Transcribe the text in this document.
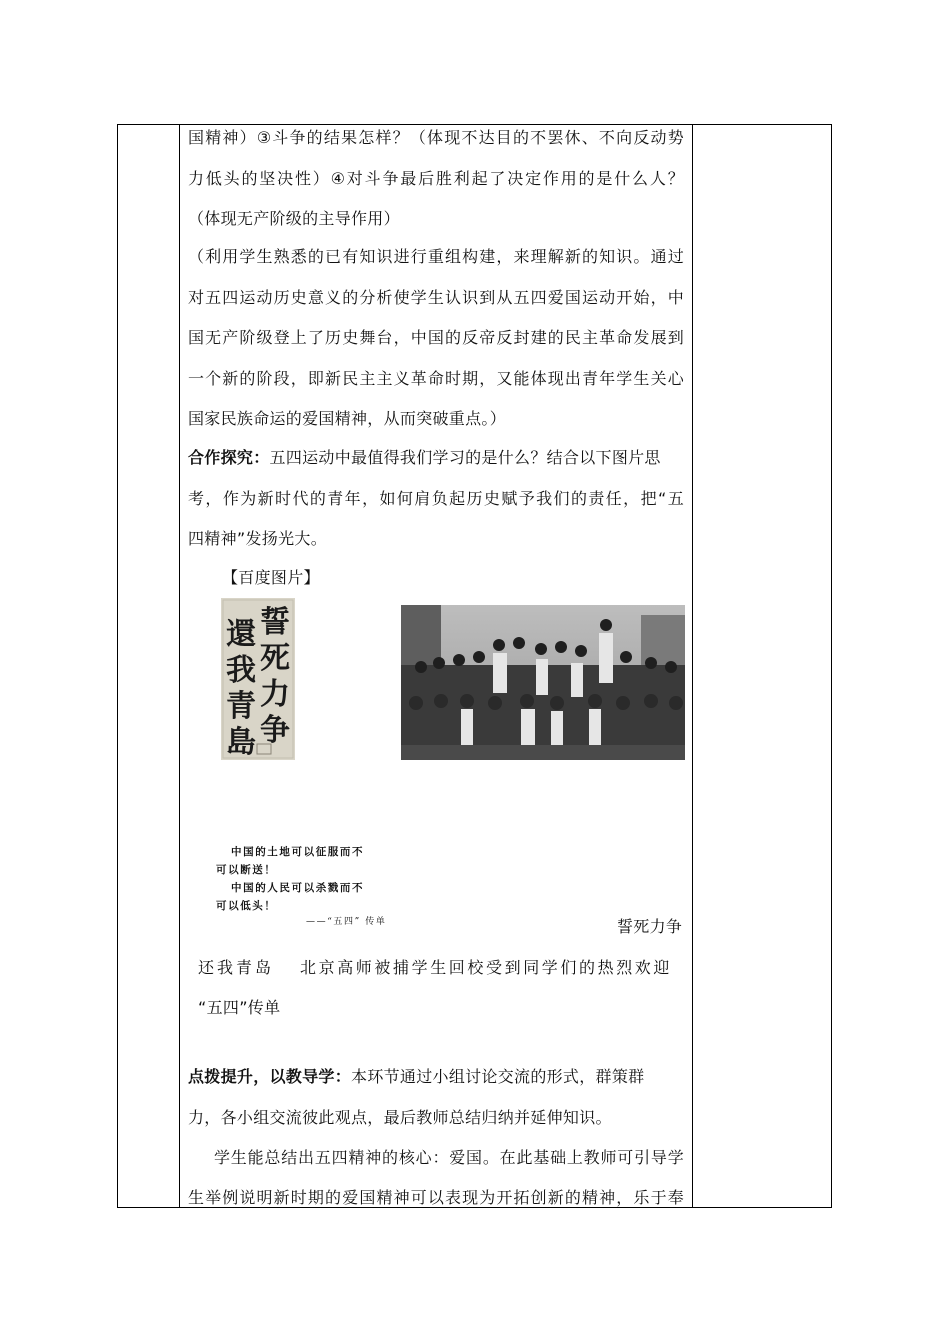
国精神）③斗争的结果怎样？（体现不达目的不罢休、不向反动势
力低头的坚决性）④对斗争最后胜利起了决定作用的是什么人？
（体现无产阶级的主导作用）
（利用学生熟悉的已有知识进行重组构建，来理解新的知识。通过
对五四运动历史意义的分析使学生认识到从五四爱国运动开始，中
国无产阶级登上了历史舞台，中国的反帝反封建的民主革命发展到
一个新的阶段，即新民主主义革命时期，又能体现出青年学生关心
国家民族命运的爱国精神，从而突破重点。）
合作探究：五四运动中最值得我们学习的是什么？结合以下图片思
考，作为新时代的青年，如何肩负起历史赋予我们的责任，把“五
四精神”发扬光大。
【百度图片】
誓死力争
还我青岛 北京高师被捕学生回校受到同学们的热烈欢迎
“五四”传单
点拨提升，以教导学：本环节通过小组讨论交流的形式，群策群
力，各小组交流彼此观点，最后教师总结归纳并延伸知识。
学生能总结出五四精神的核心：爱国。在此基础上教师可引导学
生举例说明新时期的爱国精神可以表现为开拓创新的精神，乐于奉
誓
死
力
争
還
我
青
島
中国的土地可以征服而不
可以断送！
中国的人民可以杀戮而不
可以低头！
——“五四” 传单
